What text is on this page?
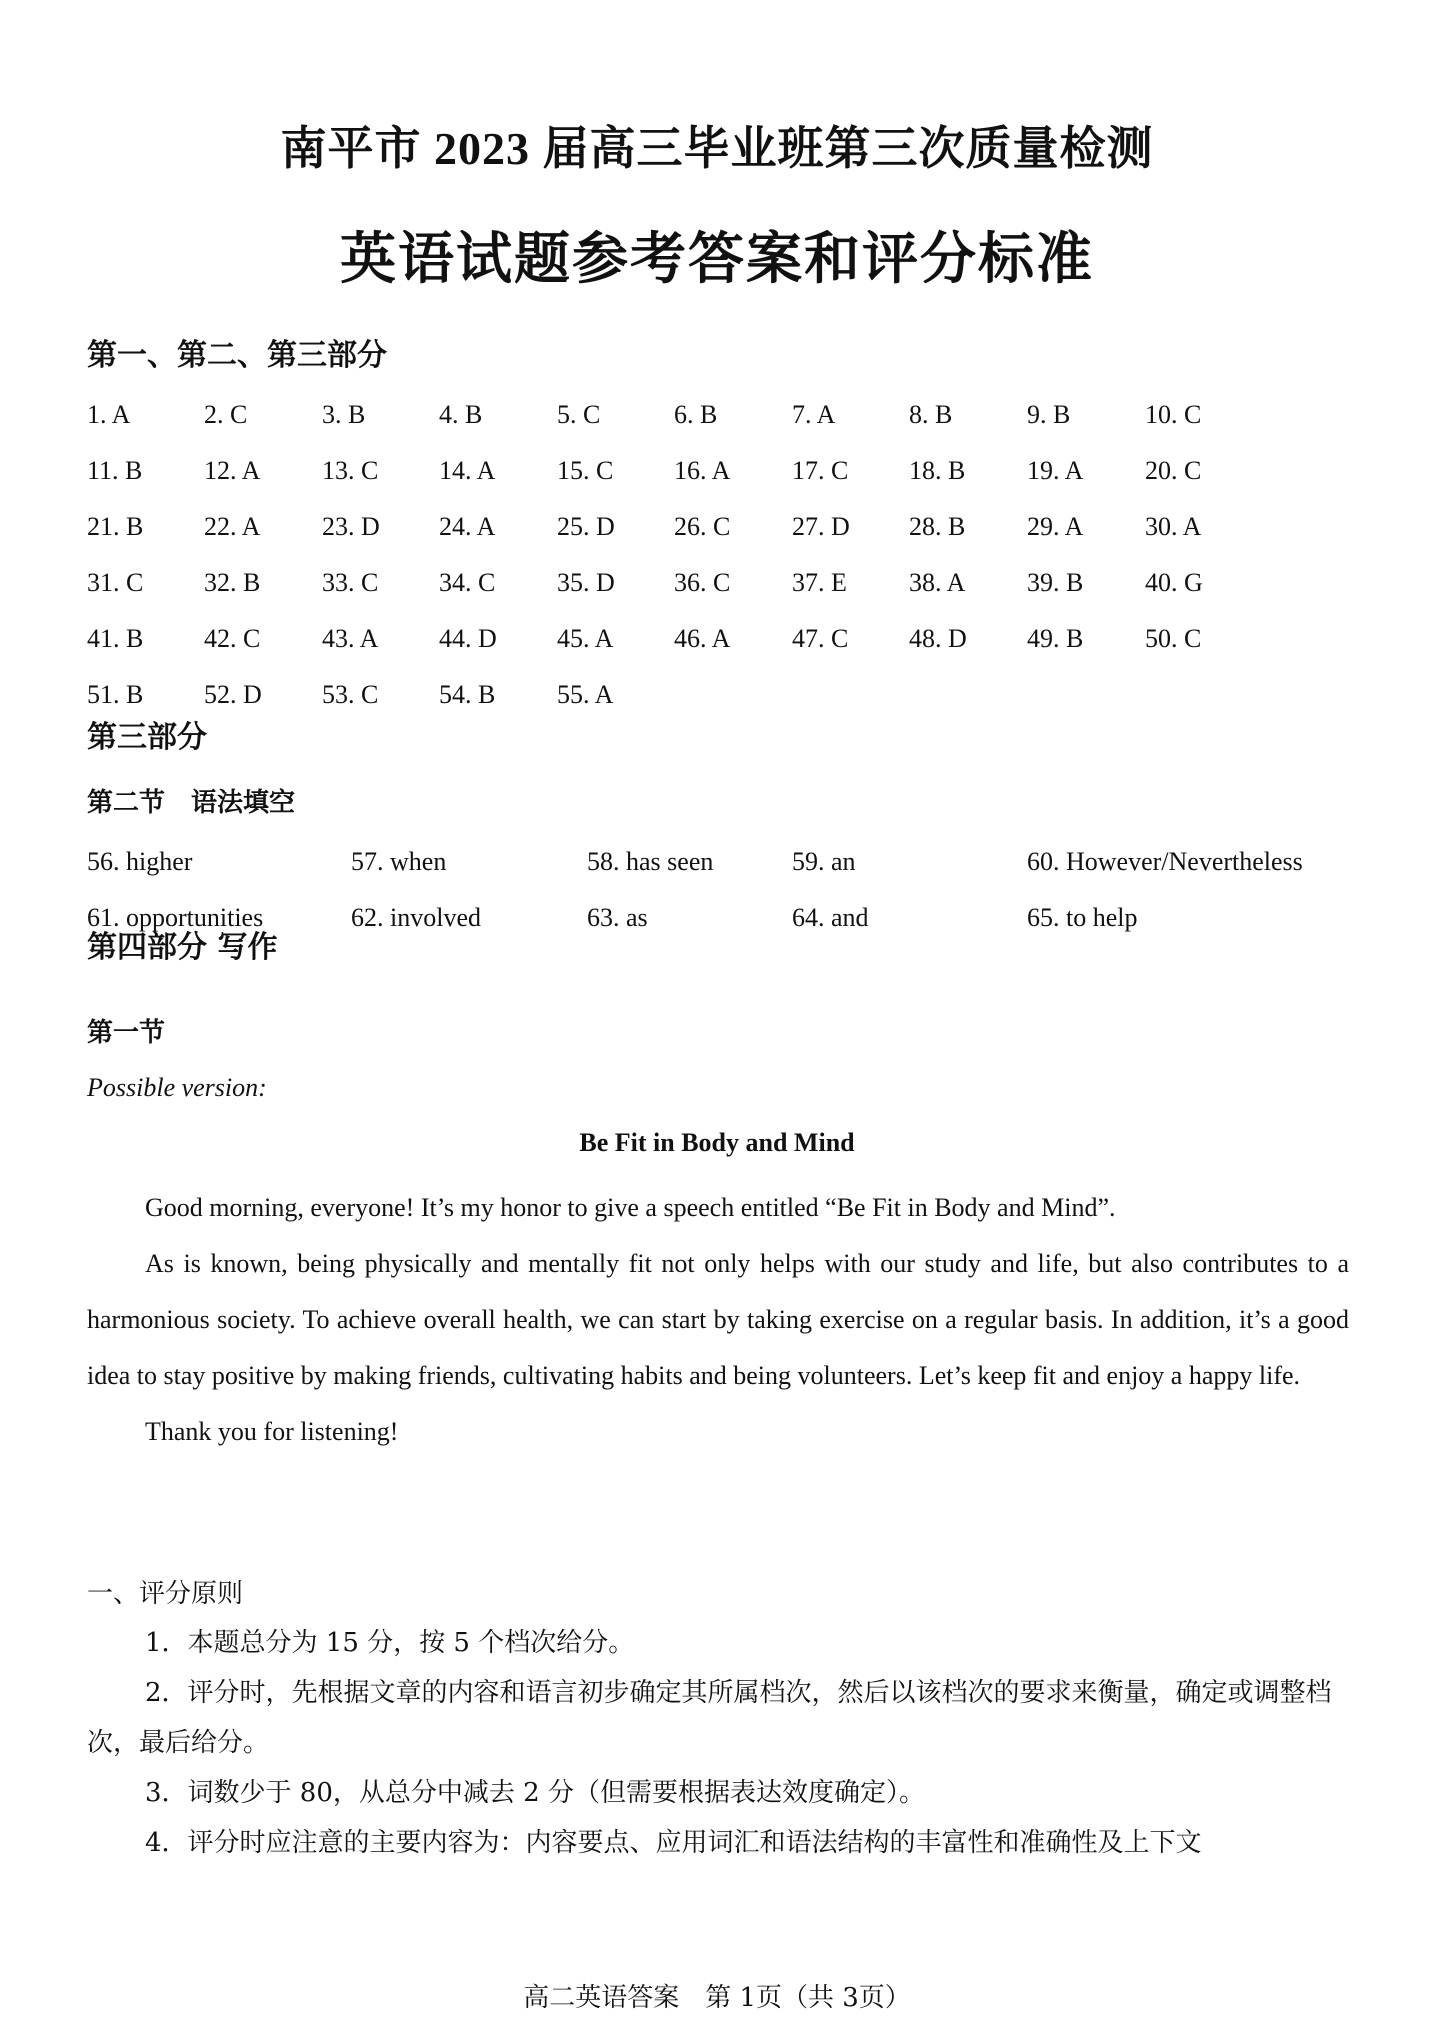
南平市 2023 届高三毕业班第三次质量检测
英语试题参考答案和评分标准
第一、第二、第三部分
1. A	2. C	3. B	4. B	5. C	6. B	7. A	8. B	9. B	10. C
11. B 12. A 13. C 14. A 15. C 16. A 17. C 18. B 19. A 20. C
21. B 22. A 23. D 24. A 25. D 26. C 27. D 28. B 29. A 30. A
31. C 32. B 33. C 34. C 35. D 36. C 37. E 38. A 39. B 40. G
41. B 42. C 43. A 44. D 45. A 46. A 47. C 48. D 49. B 50. C
51. B 52. D 53. C 54. B 55. A
第三部分
第二节　语法填空
56. higher	57. when	58. has seen	59. an	60. However/Nevertheless
61. opportunities	62. involved	63. as	64. and	65. to help
第四部分 写作
第一节
Possible version:
Be Fit in Body and Mind

Good morning, everyone! It’s my honor to give a speech entitled “Be Fit in Body and Mind”.

As is known, being physically and mentally fit not only helps with our study and life, but also contributes to a harmonious society. To achieve overall health, we can start by taking exercise on a regular basis. In addition, it’s a good idea to stay positive by making friends, cultivating habits and being volunteers. Let’s keep fit and enjoy a happy life.

Thank you for listening!

一、评分原则

1．本题总分为 15 分，按 5 个档次给分。

2．评分时，先根据文章的内容和语言初步确定其所属档次，然后以该档次的要求来衡量，确定或调整档次，最后给分。

3．词数少于 80，从总分中减去 2 分（但需要根据表达效度确定）。

4．评分时应注意的主要内容为：内容要点、应用词汇和语法结构的丰富性和准确性及上下文

高二英语答案　第 1页（共 3页）
